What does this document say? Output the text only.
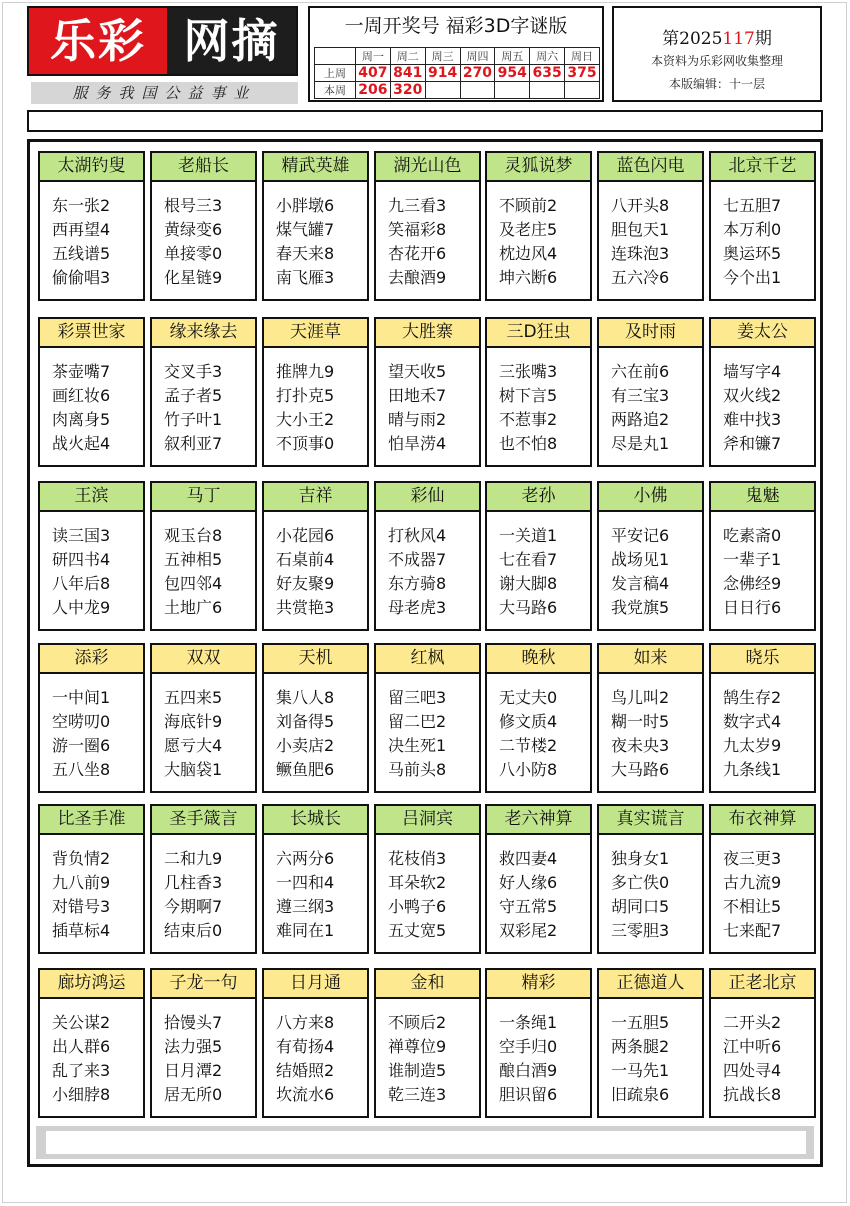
乐彩 网摘
服务我国公益事业
一周开奖号 福彩3D字谜版
	周一	周二	周三	周四	周五	周六	周日
上周	407	841	914	270	954	635	375
本周	206	320					
第2025117期
本资料为乐彩网收集整理
本版编辑：十一层
太湖钓叟
东一张2
西再望4
五线谱5
偷偷唱3
老船长
根号三3
黄绿变6
单接零0
化星链9
精武英雄
小胖墩6
煤气罐7
春天来8
南飞雁3
湖光山色
九三看3
笑福彩8
杏花开6
去酿酒9
灵狐说梦
不顾前2
及老庄5
枕边风4
坤六断6
蓝色闪电
八开头8
胆包天1
连珠泡3
五六冷6
北京千艺
七五胆7
本万利0
奥运环5
今个出1
彩票世家
茶壶嘴7
画红妆6
肉离身5
战火起4
缘来缘去
交叉手3
孟子者5
竹子叶1
叙利亚7
天涯草
推牌九9
打扑克5
大小王2
不顶事0
大胜寨
望天收5
田地禾7
晴与雨2
怕旱涝4
三D狂虫
三张嘴3
树下言5
不惹事2
也不怕8
及时雨
六在前6
有三宝3
两路追2
尽是丸1
姜太公
墙写字4
双火线2
难中找3
斧和镰7
王滨
读三国3
研四书4
八年后8
人中龙9
马丁
观玉台8
五神相5
包四邻4
土地广6
吉祥
小花园6
石桌前4
好友聚9
共赏艳3
彩仙
打秋风4
不成器7
东方骑8
母老虎3
老孙
一关道1
七在看7
谢大脚8
大马路6
小佛
平安记6
战场见1
发言稿4
我党旗5
鬼魅
吃素斋0
一辈子1
念佛经9
日日行6
添彩
一中间1
空唠叨0
游一圈6
五八坐8
双双
五四来5
海底针9
愿亏大4
大脑袋1
天机
集八人8
刘备得5
小卖店2
鳜鱼肥6
红枫
留三吧3
留二巴2
决生死1
马前头8
晚秋
无丈夫0
修文质4
二节楼2
八小防8
如来
鸟儿叫2
糊一时5
夜未央3
大马路6
晓乐
鹄生存2
数字式4
九太岁9
九条线1
比圣手准
背负情2
九八前9
对错号3
插草标4
圣手箴言
二和九9
几柱香3
今期啊7
结束后0
长城长
六两分6
一四和4
遵三纲3
难同在1
吕洞宾
花枝俏3
耳朵软2
小鸭子6
五丈宽5
老六神算
救四妻4
好人缘6
守五常5
双彩尾2
真实谎言
独身女1
多亡佚0
胡同口5
三零胆3
布衣神算
夜三更3
古九流9
不相让5
七来配7
廊坊鸿运
关公谋2
出人群6
乱了来3
小细脖8
子龙一句
拾馒头7
法力强5
日月潭2
居无所0
日月通
八方来8
有荀扬4
结婚照2
坎流水6
金和
不顾后2
禅尊位9
谁制造5
乾三连3
精彩
一条绳1
空手归0
酿白酒9
胆识留6
正德道人
一五胆5
两条腿2
一马先1
旧疏泉6
正老北京
二开头2
江中听6
四处寻4
抗战长8
